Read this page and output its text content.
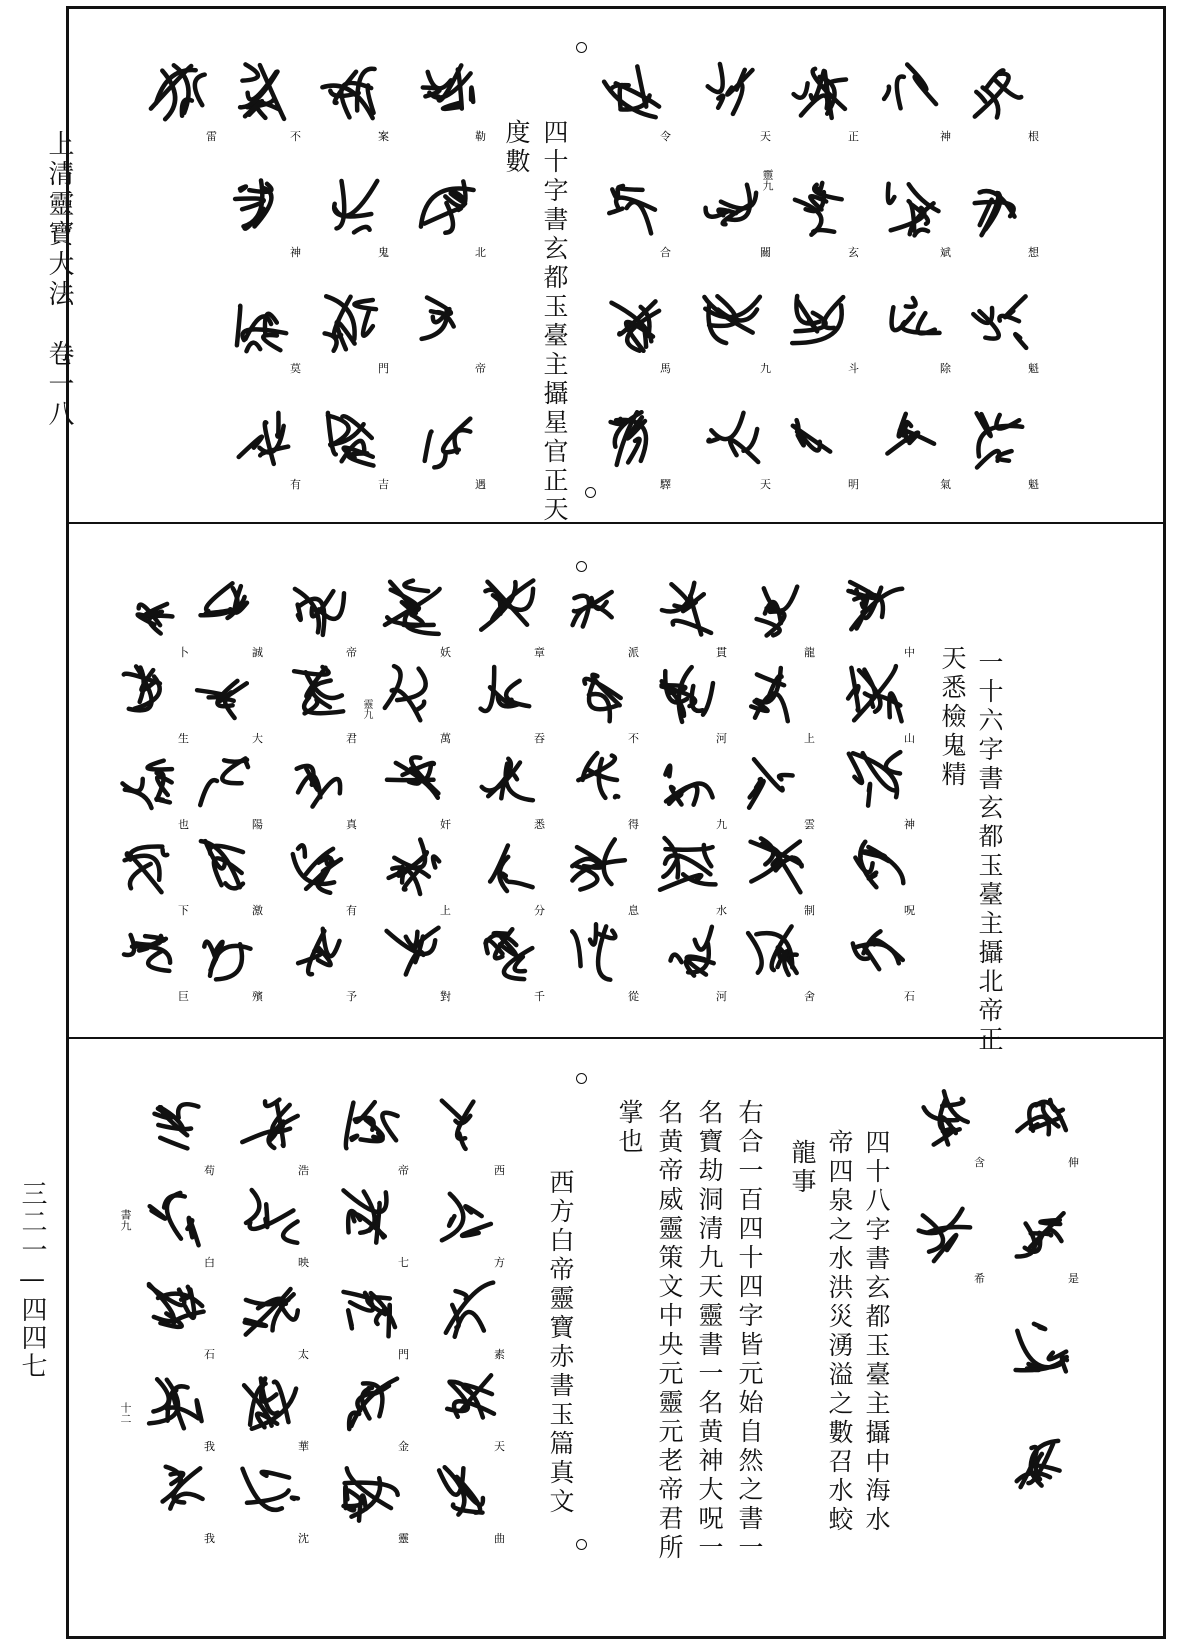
上清靈寶大法　卷一八
三二一—四四七
四十字書玄都玉臺主攝星官正天
度數
靈九
一十六字書玄都玉臺主攝北帝正
天悉檢鬼精
靈九
四十八字書玄都玉臺主攝中海水
帝四泉之水洪災湧溢之數召水蛟
龍事
右合一百四十四字皆元始自然之書一
名寶劫洞清九天靈書一名黄神大呪一
名黄帝威靈策文中央元靈元老帝君所
掌也
西方白帝靈寶赤書玉篇真文
書九
十二
根
想
魁
魁
神
斌
除
氣
正
玄
斗
明
天
關
九
天
令
合
馬
驛
勒
北
帝
遇
案
鬼
門
吉
不
神
莫
有
雷
中
山
神
呪
石
龍
上
雲
制
舍
貫
河
九
水
河
派
不
得
息
從
章
吞
悉
分
千
妖
萬
奸
上
對
帝
君
真
有
予
誠
大
陽
激
殯
卜
生
也
下
巨
伸
是
含
希
西
方
素
天
曲
帝
七
門
金
靈
浩
映
太
華
沈
苟
白
石
我
我
